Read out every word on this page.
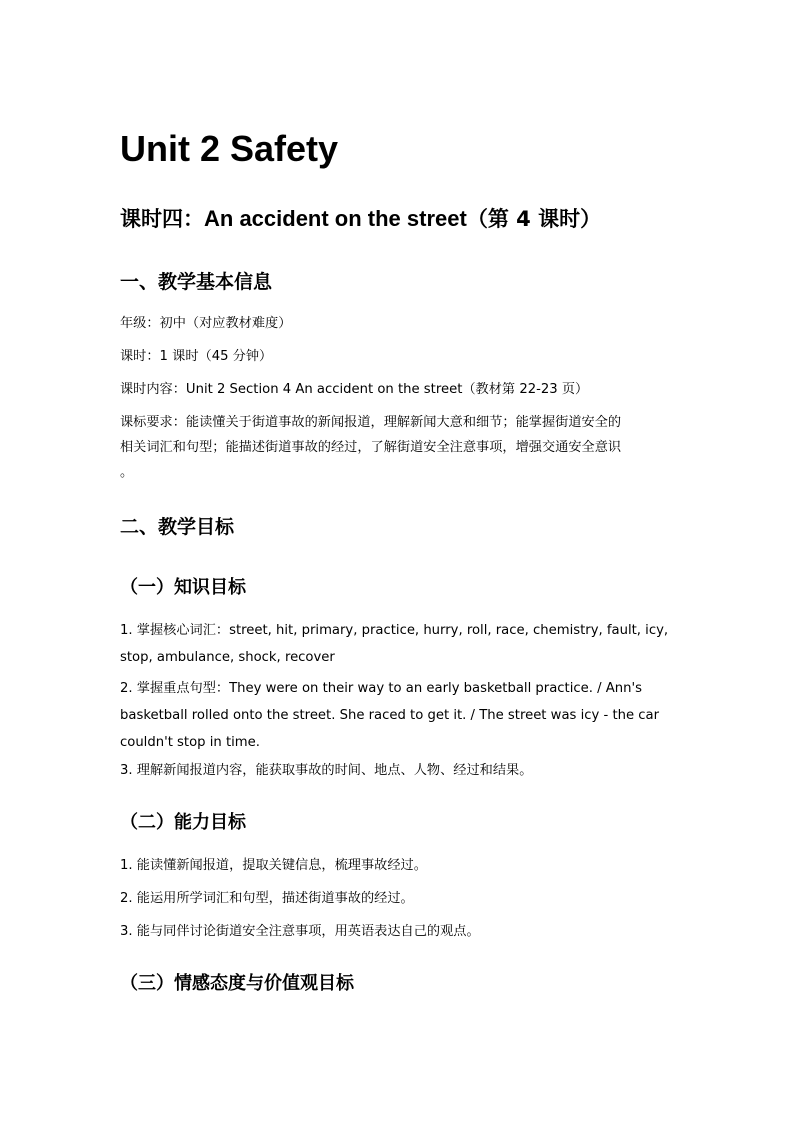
Unit 2 Safety
课时四：An accident on the street（第 4 课时）
一、教学基本信息
年级：初中（对应教材难度）
课时：1 课时（45 分钟）
课时内容：Unit 2 Section 4 An accident on the street（教材第 22-23 页）
课标要求：能读懂关于街道事故的新闻报道，理解新闻大意和细节；能掌握街道安全的
相关词汇和句型；能描述街道事故的经过，了解街道安全注意事项，增强交通安全意识
。
二、教学目标
（一）知识目标
1. 掌握核心词汇：street, hit, primary, practice, hurry, roll, race, chemistry, fault, icy,
stop, ambulance, shock, recover
2. 掌握重点句型：They were on their way to an early basketball practice. / Ann's
basketball rolled onto the street. She raced to get it. / The street was icy - the car
couldn't stop in time.
3. 理解新闻报道内容，能获取事故的时间、地点、人物、经过和结果。
（二）能力目标
1. 能读懂新闻报道，提取关键信息，梳理事故经过。
2. 能运用所学词汇和句型，描述街道事故的经过。
3. 能与同伴讨论街道安全注意事项，用英语表达自己的观点。
（三）情感态度与价值观目标
